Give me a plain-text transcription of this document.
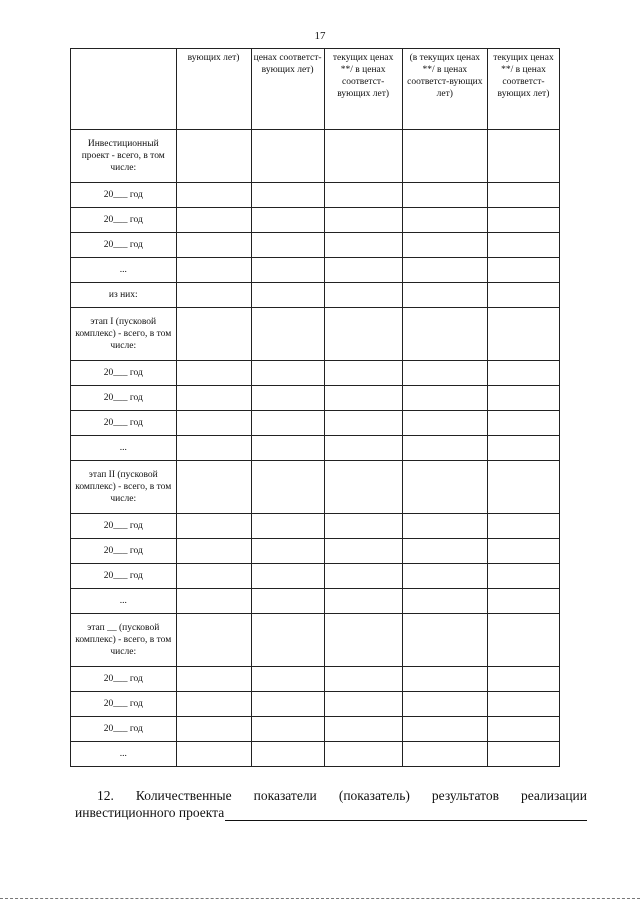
17
	вующих лет)	ценах соответст-вующих лет)	текущих ценах **/ в ценах соответст-вующих лет)	(в текущих ценах **/ в ценах соответст-вующих лет)	текущих ценах **/ в ценах соответст-вующих лет)
Инвестиционный проект - всего, в том числе:					
20___ год					
20___ год					
20___ год					
...					
из них:					
этап I (пусковой комплекс) - всего, в том числе:					
20___ год					
20___ год					
20___ год					
...					
этап II (пусковой комплекс) - всего, в том числе:					
20___ год					
20___ год					
20___ год					
...					
этап __ (пусковой комплекс) - всего, в том числе:					
20___ год					
20___ год					
20___ год					
...					
12. Количественные показатели (показатель) результатов реализации
инвестиционного проекта
